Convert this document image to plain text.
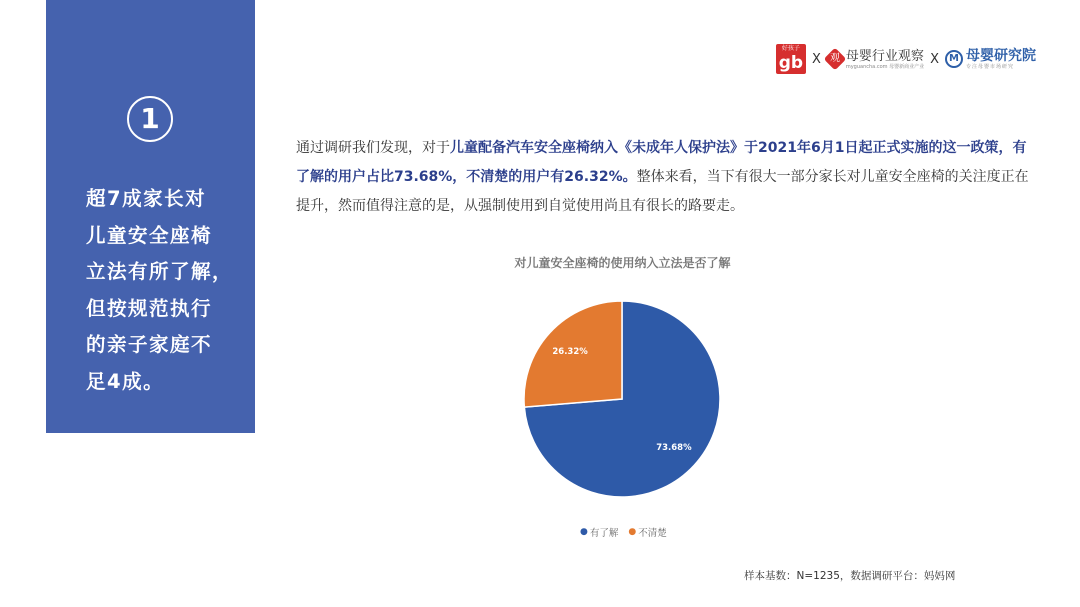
1
超7成家长对
儿童安全座椅
立法有所了解，
但按规范执行
的亲子家庭不
足4成。
好孩子
gb X 观 母婴行业观察
myguancha.com 母婴新商业产业 X	M 母婴研究院
专注母婴市场研究

通过调研我们发现，对于儿童配备汽车安全座椅纳入《未成年人保护法》于2021年6月1日起正式实施的这一政策，有了解的用户占比73.68%，不清楚的用户有26.32%。整体来看，当下有很大一部分家长对儿童安全座椅的关注度正在提升，然而值得注意的是，从强制使用到自觉使用尚且有很长的路要走。

对儿童安全座椅的使用纳入立法是否了解
73.68%
26.32%
● 有了解 ● 不清楚
样本基数：N=1235，数据调研平台：妈妈网
